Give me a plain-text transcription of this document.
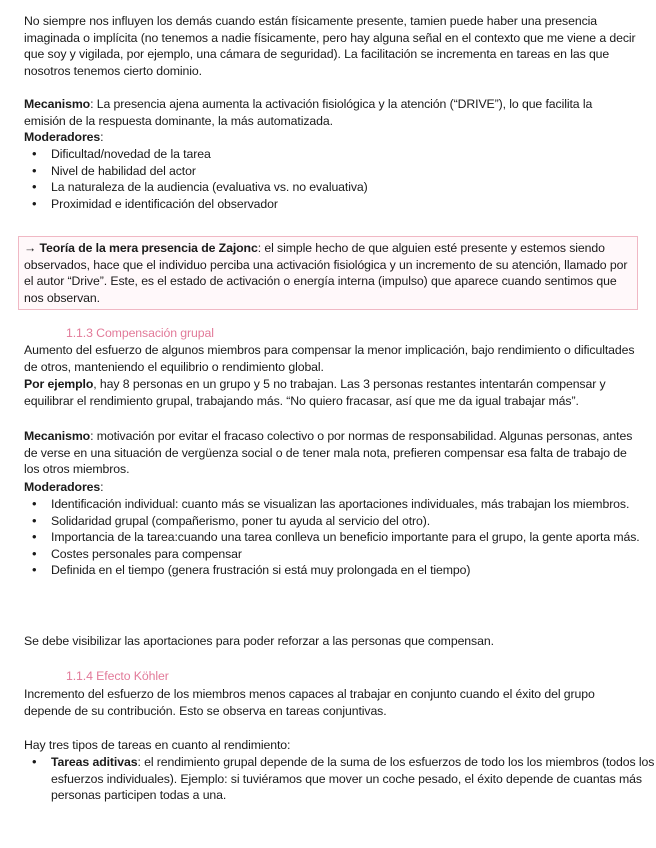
No siempre nos influyen los demás cuando están físicamente presente, tamien puede haber una presencia imaginada o implícita (no tenemos a nadie físicamente, pero hay alguna señal en el contexto que me viene a decir que soy y vigilada, por ejemplo, una cámara de seguridad). La facilitación se incrementa en tareas en las que nosotros tenemos cierto dominio.

Mecanismo: La presencia ajena aumenta la activación fisiológica y la atención (“DRIVE”), lo que facilita la emisión de la respuesta dominante, la más automatizada.

Moderadores:

• Dificultad/novedad de la tarea
• Nivel de habilidad del actor
• La naturaleza de la audiencia (evaluativa vs. no evaluativa)
• Proximidad e identificación del observador

→ Teoría de la mera presencia de Zajonc: el simple hecho de que alguien esté presente y estemos siendo observados, hace que el individuo perciba una activación fisiológica y un incremento de su atención, llamado por el autor “Drive”. Este, es el estado de activación o energía interna (impulso) que aparece cuando sentimos que nos observan.

1.1.3 Compensación grupal

Aumento del esfuerzo de algunos miembros para compensar la menor implicación, bajo rendimiento o dificultades de otros, manteniendo el equilibrio o rendimiento global.

Por ejemplo, hay 8 personas en un grupo y 5 no trabajan. Las 3 personas restantes intentarán compensar y equilibrar el rendimiento grupal, trabajando más. “No quiero fracasar, así que me da igual trabajar más”.

Mecanismo: motivación por evitar el fracaso colectivo o por normas de responsabilidad. Algunas personas, antes de verse en una situación de vergüenza social o de tener mala nota, prefieren compensar esa falta de trabajo de los otros miembros.

Moderadores:

• Identificación individual: cuanto más se visualizan las aportaciones individuales, más trabajan los miembros.
• Solidaridad grupal (compañerismo, poner tu ayuda al servicio del otro).
• Importancia de la tarea:cuando una tarea conlleva un beneficio importante para el grupo, la gente aporta más.
• Costes personales para compensar
• Definida en el tiempo (genera frustración si está muy prolongada en el tiempo)

Se debe visibilizar las aportaciones para poder reforzar a las personas que compensan.

1.1.4 Efecto Köhler

Incremento del esfuerzo de los miembros menos capaces al trabajar en conjunto cuando el éxito del grupo depende de su contribución. Esto se observa en tareas conjuntivas.

Hay tres tipos de tareas en cuanto al rendimiento:

• Tareas aditivas: el rendimiento grupal depende de la suma de los esfuerzos de todo los los miembros (todos los esfuerzos individuales). Ejemplo: si tuviéramos que mover un coche pesado, el éxito depende de cuantas más personas participen todas a una.
